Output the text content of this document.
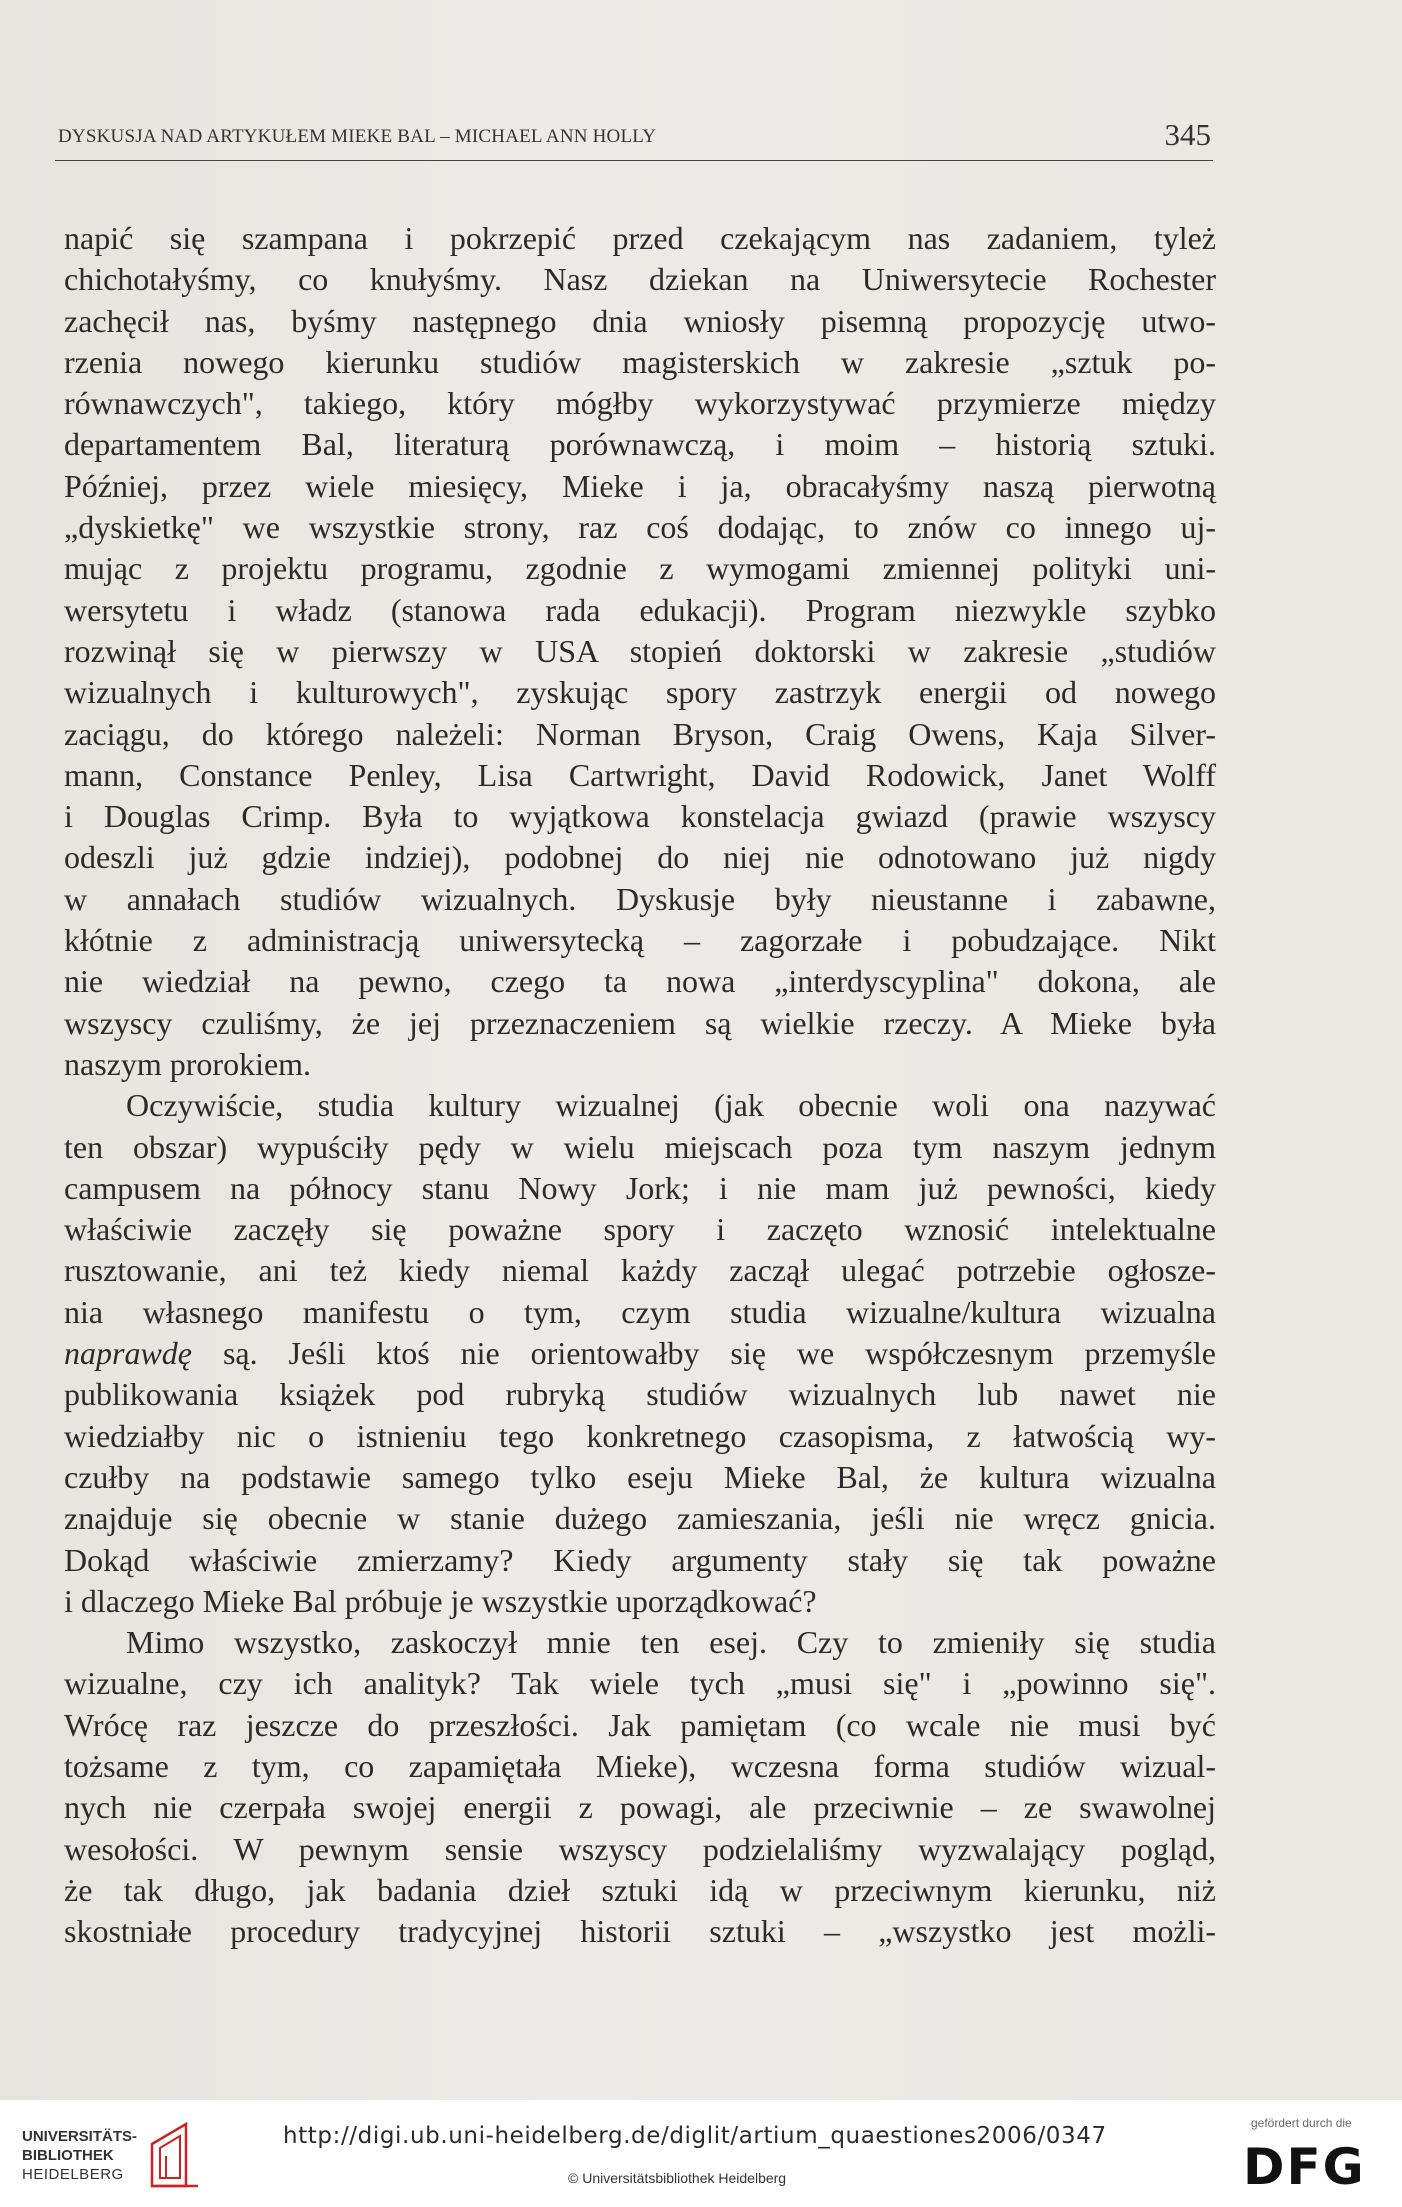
DYSKUSJA NAD ARTYKUŁEM MIEKE BAL – MICHAEL ANN HOLLY	345
napić się szampana i pokrzepić przed czekającym nas zadaniem, tyleż
chichotałyśmy, co knułyśmy. Nasz dziekan na Uniwersytecie Rochester
zachęcił nas, byśmy następnego dnia wniosły pisemną propozycję utwo-
rzenia nowego kierunku studiów magisterskich w zakresie „sztuk po-
równawczych", takiego, który mógłby wykorzystywać przymierze między
departamentem Bal, literaturą porównawczą, i moim – historią sztuki.
Później, przez wiele miesięcy, Mieke i ja, obracałyśmy naszą pierwotną
„dyskietkę" we wszystkie strony, raz coś dodając, to znów co innego uj-
mując z projektu programu, zgodnie z wymogami zmiennej polityki uni-
wersytetu i władz (stanowa rada edukacji). Program niezwykle szybko
rozwinął się w pierwszy w USA stopień doktorski w zakresie „studiów
wizualnych i kulturowych", zyskując spory zastrzyk energii od nowego
zaciągu, do którego należeli: Norman Bryson, Craig Owens, Kaja Silver-
mann, Constance Penley, Lisa Cartwright, David Rodowick, Janet Wolff
i Douglas Crimp. Była to wyjątkowa konstelacja gwiazd (prawie wszyscy
odeszli już gdzie indziej), podobnej do niej nie odnotowano już nigdy
w annałach studiów wizualnych. Dyskusje były nieustanne i zabawne,
kłótnie z administracją uniwersytecką – zagorzałe i pobudzające. Nikt
nie wiedział na pewno, czego ta nowa „interdyscyplina" dokona, ale
wszyscy czuliśmy, że jej przeznaczeniem są wielkie rzeczy. A Mieke była
naszym prorokiem.
Oczywiście, studia kultury wizualnej (jak obecnie woli ona nazywać
ten obszar) wypuściły pędy w wielu miejscach poza tym naszym jednym
campusem na północy stanu Nowy Jork; i nie mam już pewności, kiedy
właściwie zaczęły się poważne spory i zaczęto wznosić intelektualne
rusztowanie, ani też kiedy niemal każdy zaczął ulegać potrzebie ogłosze-
nia własnego manifestu o tym, czym studia wizualne/kultura wizualna
naprawdę są. Jeśli ktoś nie orientowałby się we współczesnym przemyśle
publikowania książek pod rubryką studiów wizualnych lub nawet nie
wiedziałby nic o istnieniu tego konkretnego czasopisma, z łatwością wy-
czułby na podstawie samego tylko eseju Mieke Bal, że kultura wizualna
znajduje się obecnie w stanie dużego zamieszania, jeśli nie wręcz gnicia.
Dokąd właściwie zmierzamy? Kiedy argumenty stały się tak poważne
i dlaczego Mieke Bal próbuje je wszystkie uporządkować?
Mimo wszystko, zaskoczył mnie ten esej. Czy to zmieniły się studia
wizualne, czy ich analityk? Tak wiele tych „musi się" i „powinno się".
Wrócę raz jeszcze do przeszłości. Jak pamiętam (co wcale nie musi być
tożsame z tym, co zapamiętała Mieke), wczesna forma studiów wizual-
nych nie czerpała swojej energii z powagi, ale przeciwnie – ze swawolnej
wesołości. W pewnym sensie wszyscy podzielaliśmy wyzwalający pogląd,
że tak długo, jak badania dzieł sztuki idą w przeciwnym kierunku, niż
skostniałe procedury tradycyjnej historii sztuki – „wszystko jest możli-
UNIVERSITÄTS-
BIBLIOTHEK
HEIDELBERG
http://digi.ub.uni-heidelberg.de/diglit/artium_quaestiones2006/0347
© Universitätsbibliothek Heidelberg
gefördert durch die
DFG
